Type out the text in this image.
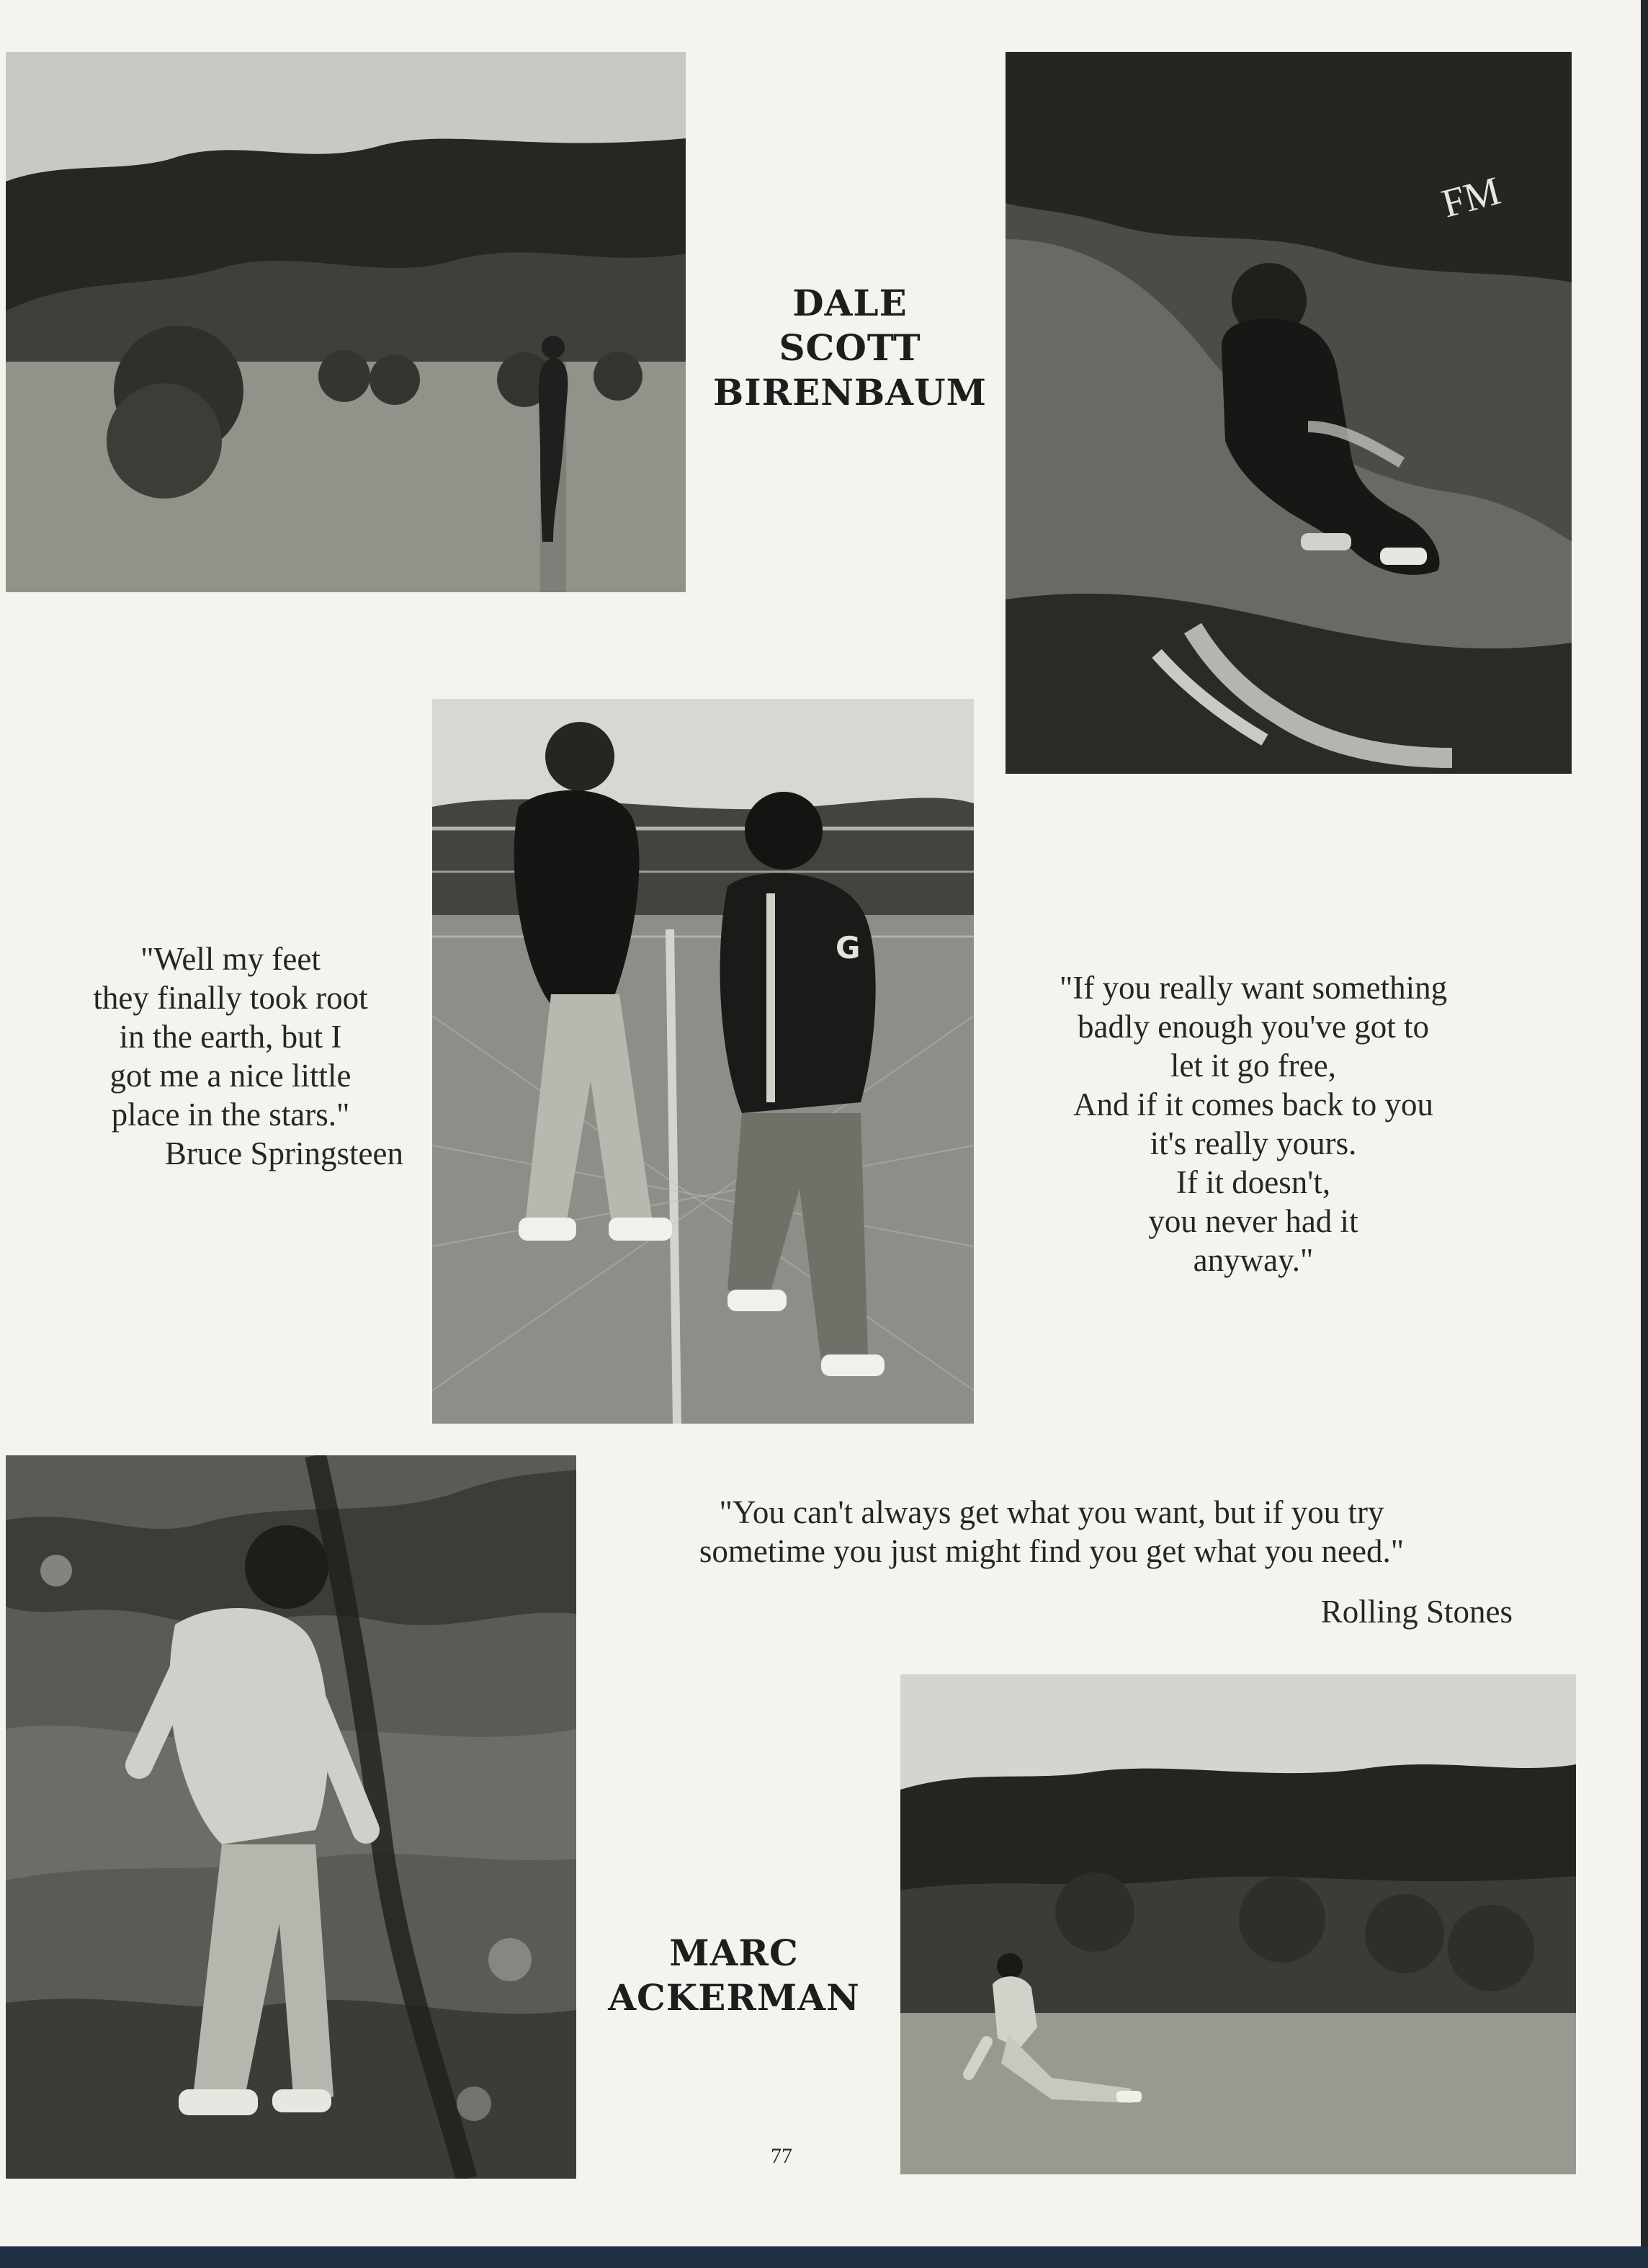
DALE
SCOTT
BIRENBAUM
FM
G
"Well my feet
they finally took root
in the earth, but I
got me a nice little
place in the stars."
Bruce Springsteen
"If you really want something
badly enough you've got to
let it go free,
And if it comes back to you
it's really yours.
If it doesn't,
you never had it
anyway."
"You can't always get what you want, but if you try
sometime you just might find you get what you need."
Rolling Stones
MARC
ACKERMAN
77
